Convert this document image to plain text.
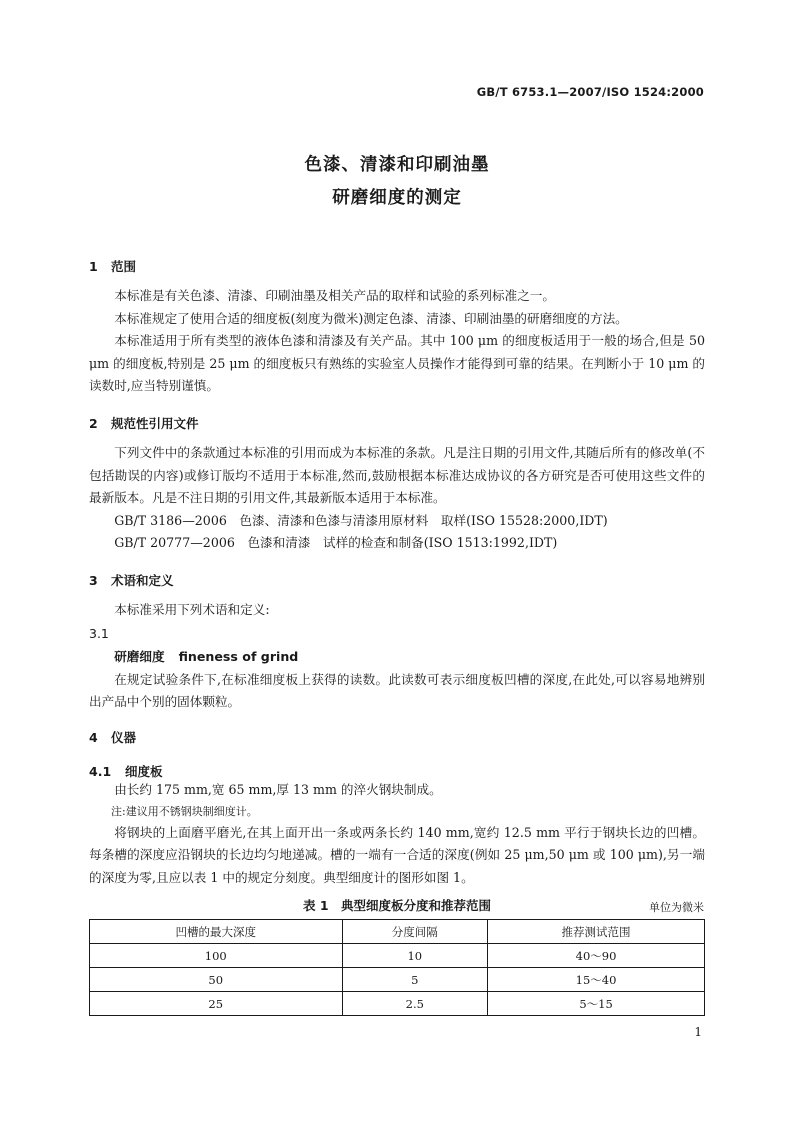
GB/T 6753.1—2007/ISO 1524:2000
色漆、清漆和印刷油墨
研磨细度的测定
1 范围

本标准是有关色漆、清漆、印刷油墨及相关产品的取样和试验的系列标准之一。

本标准规定了使用合适的细度板(刻度为微米)测定色漆、清漆、印刷油墨的研磨细度的方法。

本标准适用于所有类型的液体色漆和清漆及有关产品。其中 100 μm 的细度板适用于一般的场合,但是 50 μm 的细度板,特别是 25 μm 的细度板只有熟练的实验室人员操作才能得到可靠的结果。在判断小于 10 μm 的读数时,应当特别谨慎。

2 规范性引用文件

下列文件中的条款通过本标准的引用而成为本标准的条款。凡是注日期的引用文件,其随后所有的修改单(不包括勘误的内容)或修订版均不适用于本标准,然而,鼓励根据本标准达成协议的各方研究是否可使用这些文件的最新版本。凡是不注日期的引用文件,其最新版本适用于本标准。

GB/T 3186—2006　色漆、清漆和色漆与清漆用原材料　取样(ISO 15528:2000,IDT)

GB/T 20777—2006　色漆和清漆　试样的检查和制备(ISO 1513:1992,IDT)

3 术语和定义

本标准采用下列术语和定义:

3.1

研磨细度 fineness of grind

在规定试验条件下,在标准细度板上获得的读数。此读数可表示细度板凹槽的深度,在此处,可以容易地辨别出产品中个别的固体颗粒。

4 仪器
4.1 细度板

由长约 175 mm,宽 65 mm,厚 13 mm 的淬火钢块制成。

注:建议用不锈钢块制细度计。

将钢块的上面磨平磨光,在其上面开出一条或两条长约 140 mm,宽约 12.5 mm 平行于钢块长边的凹槽。每条槽的深度应沿钢块的长边均匀地递减。槽的一端有一合适的深度(例如 25 μm,50 μm 或 100 μm),另一端的深度为零,且应以表 1 中的规定分刻度。典型细度计的图形如图 1。

表 1　典型细度板分度和推荐范围	单位为微米
凹槽的最大深度	分度间隔	推荐测试范围
100	10	40～90
50	5	15～40
25	2.5	5～15
1
